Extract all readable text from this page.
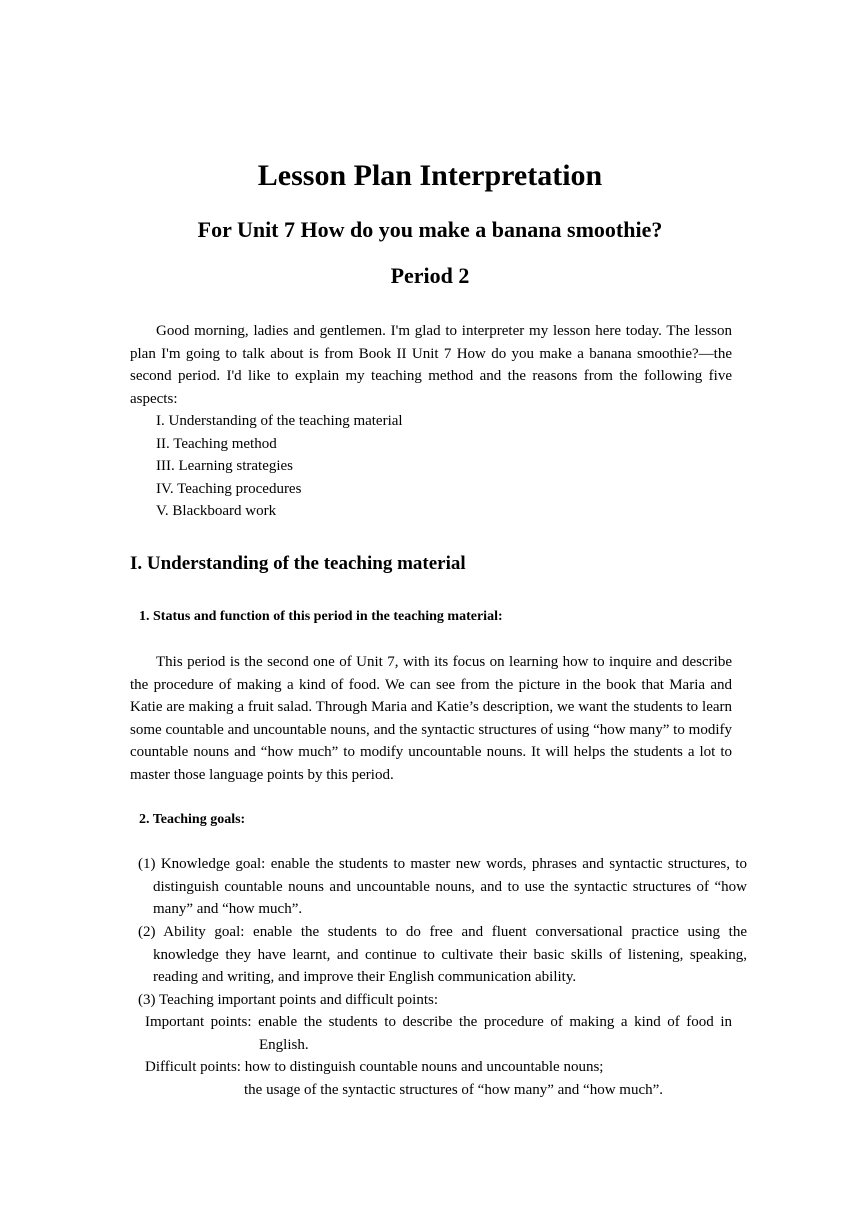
Lesson Plan Interpretation
For Unit 7 How do you make a banana smoothie?
Period 2

Good morning, ladies and gentlemen. I'm glad to interpreter my lesson here today. The lesson plan I'm going to talk about is from Book II Unit 7 How do you make a banana smoothie?—the second period. I'd like to explain my teaching method and the reasons from the following five aspects:

I. Understanding of the teaching material
II. Teaching method
III. Learning strategies
IV. Teaching procedures
V. Blackboard work
I. Understanding of the teaching material
1. Status and function of this period in the teaching material:

This period is the second one of Unit 7, with its focus on learning how to inquire and describe the procedure of making a kind of food. We can see from the picture in the book that Maria and Katie are making a fruit salad. Through Maria and Katie’s description, we want the students to learn some countable and uncountable nouns, and the syntactic structures of using “how many” to modify countable nouns and “how much” to modify uncountable nouns. It will helps the students a lot to master those language points by this period.

2. Teaching goals:

(1) Knowledge goal: enable the students to master new words, phrases and syntactic structures, to distinguish countable nouns and uncountable nouns, and to use the syntactic structures of “how many” and “how much”.

(2) Ability goal: enable the students to do free and fluent conversational practice using the knowledge they have learnt, and continue to cultivate their basic skills of listening, speaking, reading and writing, and improve their English communication ability.

(3) Teaching important points and difficult points:

Important points: enable the students to describe the procedure of making a kind of food in

English.

Difficult points: how to distinguish countable nouns and uncountable nouns;

the usage of the syntactic structures of “how many” and “how much”.
